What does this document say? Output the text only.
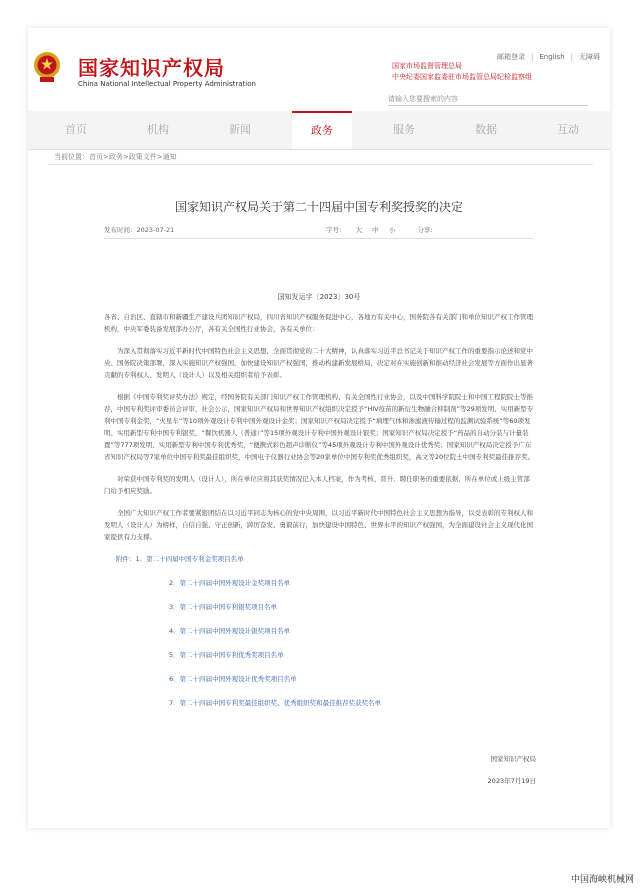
国家知识产权局
China National Intellectual Property Administration
邮箱登录 | English | 无障碍
国家市场监督管理总局
中央纪委国家监委驻市场监管总局纪检监察组
请输入您要搜索的内容
首页	机构	新闻	政务	服务	数据	互动
当前位置：首页>政务>政策文件>通知
国家知识产权局关于第二十四届中国专利奖授奖的决定
发布时间：2023-07-21	字号： 大 中 小	分享:
国知发运字〔2023〕30号

各省、自治区、直辖市和新疆生产建设兵团知识产权局，四川省知识产权服务促进中心，各地方有关中心，国务院各有关部门和单位知识产权工作管理机构，中央军委装备发展部办公厅，各有关全国性行业协会，各有关单位：

为深入贯彻落实习近平新时代中国特色社会主义思想，全面贯彻党的二十大精神，认真落实习近平总书记关于知识产权工作的重要指示论述和党中央、国务院决策部署，深入实施知识产权强国，加快建设知识产权强国，推动构建新发展格局，决定对在实施创新和推动经济社会发展等方面作出显著贡献的专利权人、发明人（设计人）以及相关组织者给予表彰。

根据《中国专利奖评奖办法》规定，经国务院有关部门知识产权工作管理机构、有关全国性行业协会，以及中国科学院院士和中国工程院院士等推荐，中国专利奖评审委员会评审，社会公示，国家知识产权局和世界知识产权组织决定授予“HIV疫苗的新衍生物融合抑制剂”等29项发明、实用新型专利中国专利金奖，“火星车”等10项外观设计专利中国外观设计金奖；国家知识产权局决定授予“填埋气体和渗滤液传输过程的监测试验系统”等60项发明、实用新型专利中国专利银奖，“餐饮机器人（普通）”等15项外观设计专利中国外观设计银奖；国家知识产权局决定授予“药品的自动分装与计量装置”等777项发明、实用新型专利中国专利优秀奖，“便携式彩色超声诊断仪”等45项外观设计专利中国外观设计优秀奖；国家知识产权局决定授予广东省知识产权局等7家单位中国专利奖最佳组织奖，中国电子仪器行业协会等20家单位中国专利奖优秀组织奖，高文等20位院士中国专利奖最佳推荐奖。

对荣获中国专利奖的发明人（设计人），所在单位应将其获奖情况记入本人档案，作为考核、晋升、聘任职务的重要依据，所在单位或上级主管部门给予相应奖励。

全国广大知识产权工作者要紧密团结在以习近平同志为核心的党中央周围，以习近平新时代中国特色社会主义思想为指导，以受表彰的专利权人和发明人（设计人）为榜样，自信自强、守正创新，踔厉奋发、勇毅前行，加快建设中国特色、世界水平的知识产权强国，为全面建设社会主义现代化国家提供有力支撑。

附件：1．第二十四届中国专利金奖项目名单
2．第二十四届中国外观设计金奖项目名单
3．第二十四届中国专利银奖项目名单
4．第二十四届中国外观设计银奖项目名单
5．第二十四届中国专利优秀奖项目名单
6．第二十四届中国外观设计优秀奖项目名单
7．第二十四届中国专利奖最佳组织奖、优秀组织奖和最佳推荐奖获奖名单
国家知识产权局
2023年7月19日
中国海峡机械网
